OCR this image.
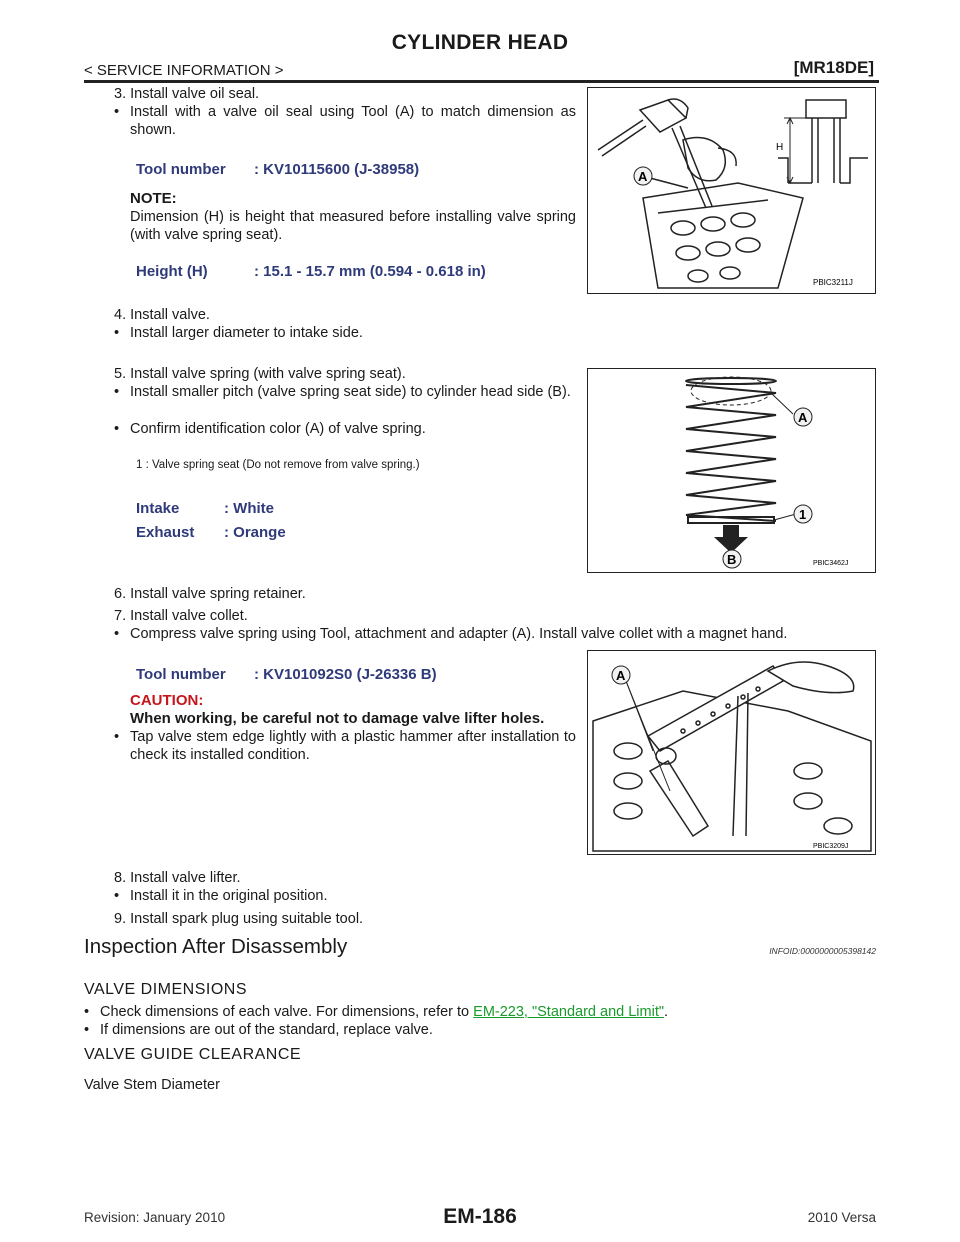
CYLINDER HEAD
< SERVICE INFORMATION >	[MR18DE]
3. Install valve oil seal.
• Install with a valve oil seal using Tool (A) to match dimension as shown.
Tool number : KV10115600 (J-38958)
NOTE:
Dimension (H) is height that measured before installing valve spring (with valve spring seat).
Height (H)	: 15.1 - 15.7 mm (0.594 - 0.618 in)
A
H
PBIC3211J
4. Install valve.
• Install larger diameter to intake side.
5. Install valve spring (with valve spring seat).
• Install smaller pitch (valve spring seat side) to cylinder head side (B).
• Confirm identification color (A) of valve spring.
1 : Valve spring seat (Do not remove from valve spring.)
Intake	: White
Exhaust : Orange
A
1
B	PBIC3462J
6. Install valve spring retainer.
7. Install valve collet.
• Compress valve spring using Tool, attachment and adapter (A). Install valve collet with a magnet hand.
Tool number : KV101092S0 (J-26336 B)
CAUTION:
When working, be careful not to damage valve lifter holes.
• Tap valve stem edge lightly with a plastic hammer after installation to check its installed condition.
A
PBIC3209J
8. Install valve lifter.
• Install it in the original position.
9. Install spark plug using suitable tool.
Inspection After Disassembly	INFOID:0000000005398142
VALVE DIMENSIONS
• Check dimensions of each valve. For dimensions, refer to EM-223, "Standard and Limit".
• If dimensions are out of the standard, replace valve.
VALVE GUIDE CLEARANCE
Valve Stem Diameter
EM-186
Revision: January 2010	2010 Versa
